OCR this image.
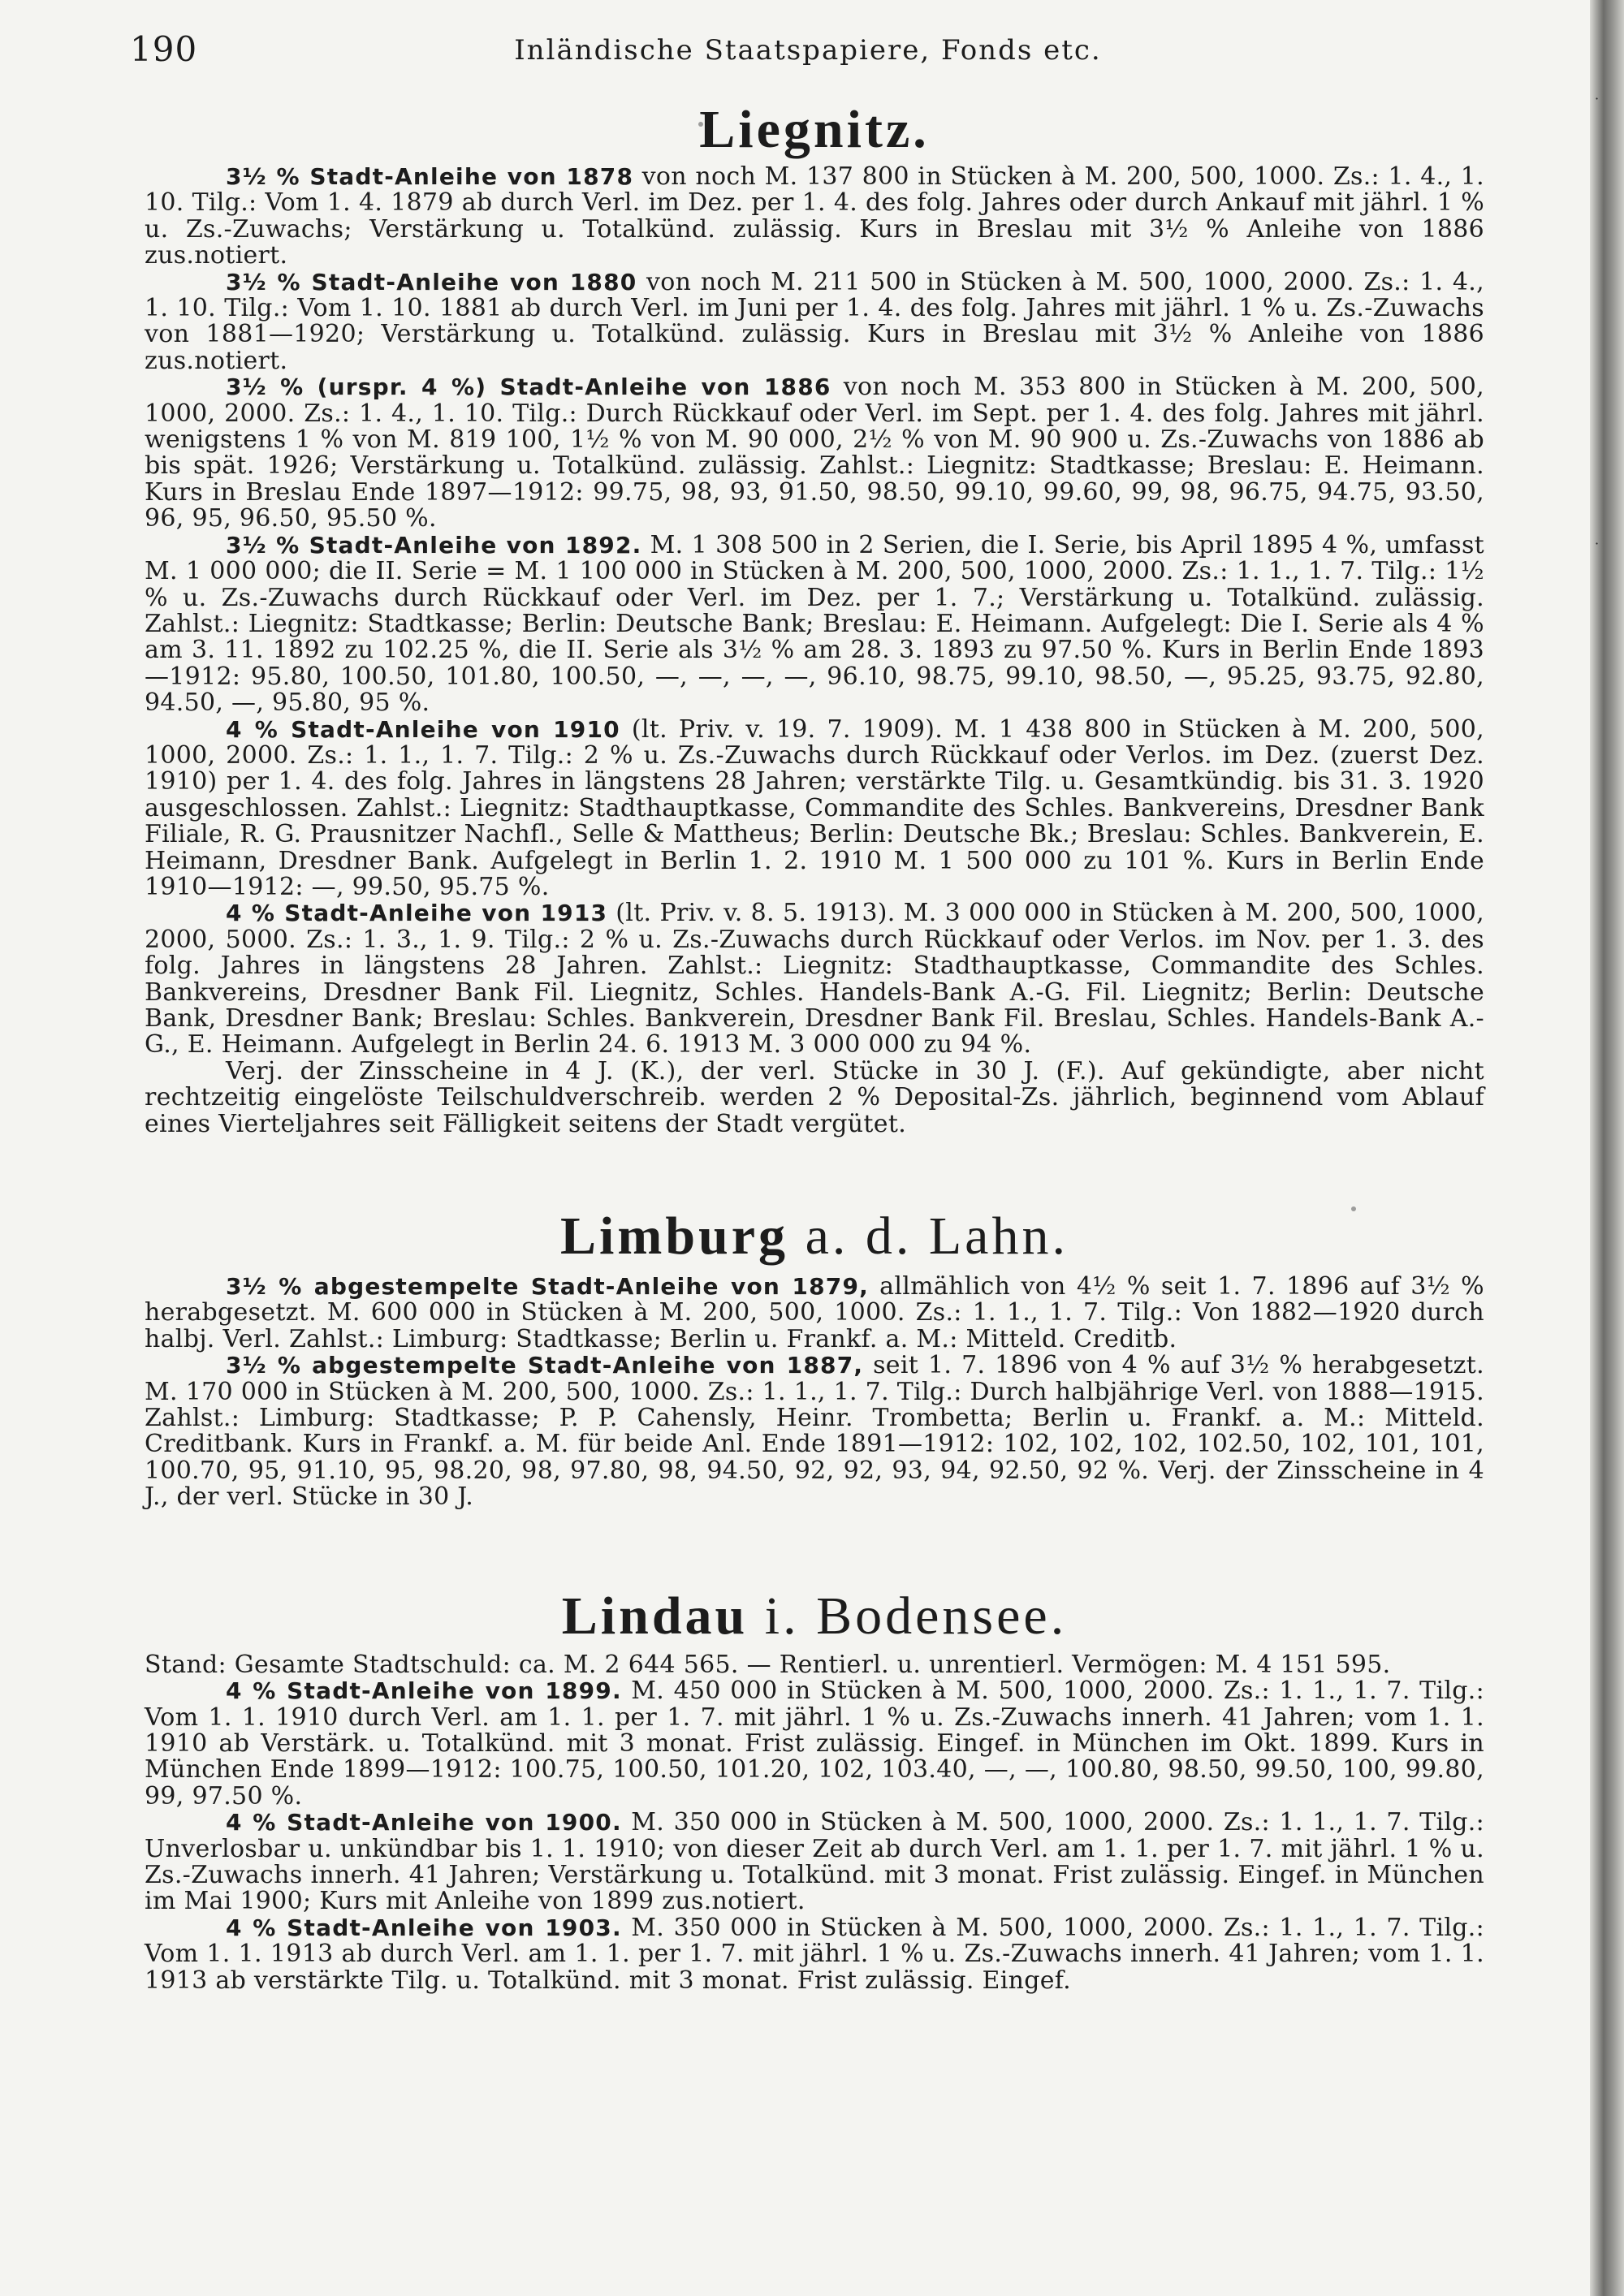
190	Inländische Staatspapiere, Fonds etc.
Liegnitz.

3½ % Stadt-Anleihe von 1878 von noch M. 137 800 in Stücken à M. 200, 500, 1000. Zs.: 1. 4., 1. 10. Tilg.: Vom 1. 4. 1879 ab durch Verl. im Dez. per 1. 4. des folg. Jahres oder durch Ankauf mit jährl. 1 % u. Zs.-Zuwachs; Verstärkung u. Totalkünd. zulässig. Kurs in Breslau mit 3½ % Anleihe von 1886 zus.notiert.

3½ % Stadt-Anleihe von 1880 von noch M. 211 500 in Stücken à M. 500, 1000, 2000. Zs.: 1. 4., 1. 10. Tilg.: Vom 1. 10. 1881 ab durch Verl. im Juni per 1. 4. des folg. Jahres mit jährl. 1 % u. Zs.-Zuwachs von 1881—1920; Verstärkung u. Totalkünd. zulässig. Kurs in Breslau mit 3½ % Anleihe von 1886 zus.notiert.

3½ % (urspr. 4 %) Stadt-Anleihe von 1886 von noch M. 353 800 in Stücken à M. 200, 500, 1000, 2000. Zs.: 1. 4., 1. 10. Tilg.: Durch Rückkauf oder Verl. im Sept. per 1. 4. des folg. Jahres mit jährl. wenigstens 1 % von M. 819 100, 1½ % von M. 90 000, 2½ % von M. 90 900 u. Zs.-Zuwachs von 1886 ab bis spät. 1926; Verstärkung u. Totalkünd. zulässig. Zahlst.: Liegnitz: Stadtkasse; Breslau: E. Heimann. Kurs in Breslau Ende 1897—1912: 99.75, 98, 93, 91.50, 98.50, 99.10, 99.60, 99, 98, 96.75, 94.75, 93.50, 96, 95, 96.50, 95.50 %.

3½ % Stadt-Anleihe von 1892. M. 1 308 500 in 2 Serien, die I. Serie, bis April 1895 4 %, umfasst M. 1 000 000; die II. Serie = M. 1 100 000 in Stücken à M. 200, 500, 1000, 2000. Zs.: 1. 1., 1. 7. Tilg.: 1½ % u. Zs.-Zuwachs durch Rückkauf oder Verl. im Dez. per 1. 7.; Verstärkung u. Totalkünd. zulässig. Zahlst.: Liegnitz: Stadtkasse; Berlin: Deutsche Bank; Breslau: E. Heimann. Aufgelegt: Die I. Serie als 4 % am 3. 11. 1892 zu 102.25 %, die II. Serie als 3½ % am 28. 3. 1893 zu 97.50 %. Kurs in Berlin Ende 1893—1912: 95.80, 100.50, 101.80, 100.50, —, —, —, —, 96.10, 98.75, 99.10, 98.50, —, 95.25, 93.75, 92.80, 94.50, —, 95.80, 95 %.

4 % Stadt-Anleihe von 1910 (lt. Priv. v. 19. 7. 1909). M. 1 438 800 in Stücken à M. 200, 500, 1000, 2000. Zs.: 1. 1., 1. 7. Tilg.: 2 % u. Zs.-Zuwachs durch Rückkauf oder Verlos. im Dez. (zuerst Dez. 1910) per 1. 4. des folg. Jahres in längstens 28 Jahren; verstärkte Tilg. u. Gesamtkündig. bis 31. 3. 1920 ausgeschlossen. Zahlst.: Liegnitz: Stadthauptkasse, Commandite des Schles. Bankvereins, Dresdner Bank Filiale, R. G. Prausnitzer Nachfl., Selle & Mattheus; Berlin: Deutsche Bk.; Breslau: Schles. Bankverein, E. Heimann, Dresdner Bank. Aufgelegt in Berlin 1. 2. 1910 M. 1 500 000 zu 101 %. Kurs in Berlin Ende 1910—1912: —, 99.50, 95.75 %.

4 % Stadt-Anleihe von 1913 (lt. Priv. v. 8. 5. 1913). M. 3 000 000 in Stücken à M. 200, 500, 1000, 2000, 5000. Zs.: 1. 3., 1. 9. Tilg.: 2 % u. Zs.-Zuwachs durch Rückkauf oder Verlos. im Nov. per 1. 3. des folg. Jahres in längstens 28 Jahren. Zahlst.: Liegnitz: Stadthauptkasse, Commandite des Schles. Bankvereins, Dresdner Bank Fil. Liegnitz, Schles. Handels-Bank A.-G. Fil. Liegnitz; Berlin: Deutsche Bank, Dresdner Bank; Breslau: Schles. Bankverein, Dresdner Bank Fil. Breslau, Schles. Handels-Bank A.-G., E. Heimann. Aufgelegt in Berlin 24. 6. 1913 M. 3 000 000 zu 94 %.

Verj. der Zinsscheine in 4 J. (K.), der verl. Stücke in 30 J. (F.). Auf gekündigte, aber nicht rechtzeitig eingelöste Teilschuldverschreib. werden 2 % Deposital-Zs. jährlich, beginnend vom Ablauf eines Vierteljahres seit Fälligkeit seitens der Stadt vergütet.

Limburg a. d. Lahn.

3½ % abgestempelte Stadt-Anleihe von 1879, allmählich von 4½ % seit 1. 7. 1896 auf 3½ % herabgesetzt. M. 600 000 in Stücken à M. 200, 500, 1000. Zs.: 1. 1., 1. 7. Tilg.: Von 1882—1920 durch halbj. Verl. Zahlst.: Limburg: Stadtkasse; Berlin u. Frankf. a. M.: Mitteld. Creditb.

3½ % abgestempelte Stadt-Anleihe von 1887, seit 1. 7. 1896 von 4 % auf 3½ % herabgesetzt. M. 170 000 in Stücken à M. 200, 500, 1000. Zs.: 1. 1., 1. 7. Tilg.: Durch halbjährige Verl. von 1888—1915. Zahlst.: Limburg: Stadtkasse; P. P. Cahensly, Heinr. Trombetta; Berlin u. Frankf. a. M.: Mitteld. Creditbank. Kurs in Frankf. a. M. für beide Anl. Ende 1891—1912: 102, 102, 102, 102.50, 102, 101, 101, 100.70, 95, 91.10, 95, 98.20, 98, 97.80, 98, 94.50, 92, 92, 93, 94, 92.50, 92 %. Verj. der Zinsscheine in 4 J., der verl. Stücke in 30 J.

Lindau i. Bodensee.

Stand: Gesamte Stadtschuld: ca. M. 2 644 565. — Rentierl. u. unrentierl. Vermögen: M. 4 151 595.

4 % Stadt-Anleihe von 1899. M. 450 000 in Stücken à M. 500, 1000, 2000. Zs.: 1. 1., 1. 7. Tilg.: Vom 1. 1. 1910 durch Verl. am 1. 1. per 1. 7. mit jährl. 1 % u. Zs.-Zuwachs innerh. 41 Jahren; vom 1. 1. 1910 ab Verstärk. u. Totalkünd. mit 3 monat. Frist zulässig. Eingef. in München im Okt. 1899. Kurs in München Ende 1899—1912: 100.75, 100.50, 101.20, 102, 103.40, —, —, 100.80, 98.50, 99.50, 100, 99.80, 99, 97.50 %.

4 % Stadt-Anleihe von 1900. M. 350 000 in Stücken à M. 500, 1000, 2000. Zs.: 1. 1., 1. 7. Tilg.: Unverlosbar u. unkündbar bis 1. 1. 1910; von dieser Zeit ab durch Verl. am 1. 1. per 1. 7. mit jährl. 1 % u. Zs.-Zuwachs innerh. 41 Jahren; Verstärkung u. Totalkünd. mit 3 monat. Frist zulässig. Eingef. in München im Mai 1900; Kurs mit Anleihe von 1899 zus.notiert.

4 % Stadt-Anleihe von 1903. M. 350 000 in Stücken à M. 500, 1000, 2000. Zs.: 1. 1., 1. 7. Tilg.: Vom 1. 1. 1913 ab durch Verl. am 1. 1. per 1. 7. mit jährl. 1 % u. Zs.-Zuwachs innerh. 41 Jahren; vom 1. 1. 1913 ab verstärkte Tilg. u. Totalkünd. mit 3 monat. Frist zulässig. Eingef.

·
·
